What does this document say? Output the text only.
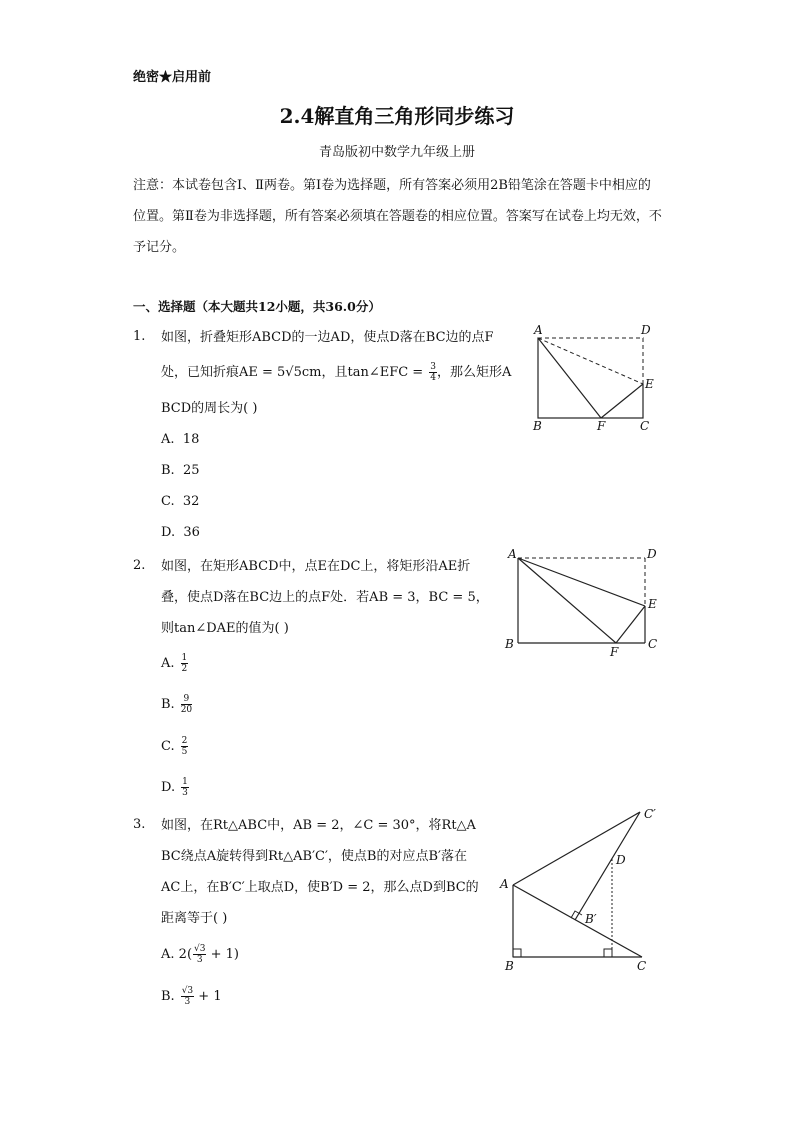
绝密★启用前
2.4解直角三角形同步练习
青岛版初中数学九年级上册
注意：本试卷包含Ⅰ、Ⅱ两卷。第Ⅰ卷为选择题，所有答案必须用2B铅笔涂在答题卡中相应的位置。第Ⅱ卷为非选择题，所有答案必须填在答题卷的相应位置。答案写在试卷上均无效，不予记分。
一、选择题（本大题共12小题，共36.0分）
1. 如图，折叠矩形ABCD的一边AD，使点D落在BC边的点F
处，已知折痕AE = 5√5cm，且tan∠EFC = $\frac{3}{4}$ ，那么矩形A
BCD的周长为( )
A. 18
B. 25
C. 32
D. 36
A	D
E
B	F	C
2. 如图，在矩形ABCD中，点E在DC上，将矩形沿AE折
叠，使点D落在BC边上的点F处．若AB = 3，BC = 5，
则tan∠DAE的值为( )
A. $\frac{1}{2}$
B. $\frac{9}{20}$
C. $\frac{2}{5}$
D. $\frac{1}{3}$
A	D
E
B
F
C
3. 如图，在Rt△ABC中，AB = 2，∠C = 30°，将Rt△A
BC绕点A旋转得到Rt△AB′C′，使点B的对应点B′落在
AC上，在B′C′上取点D，使B′D = 2，那么点D到BC的
距离等于( )
A. $2( \frac{√3}{3} + 1)$
B. $\frac{√3}{3} + 1$
A
B	C
C′
D
B′
